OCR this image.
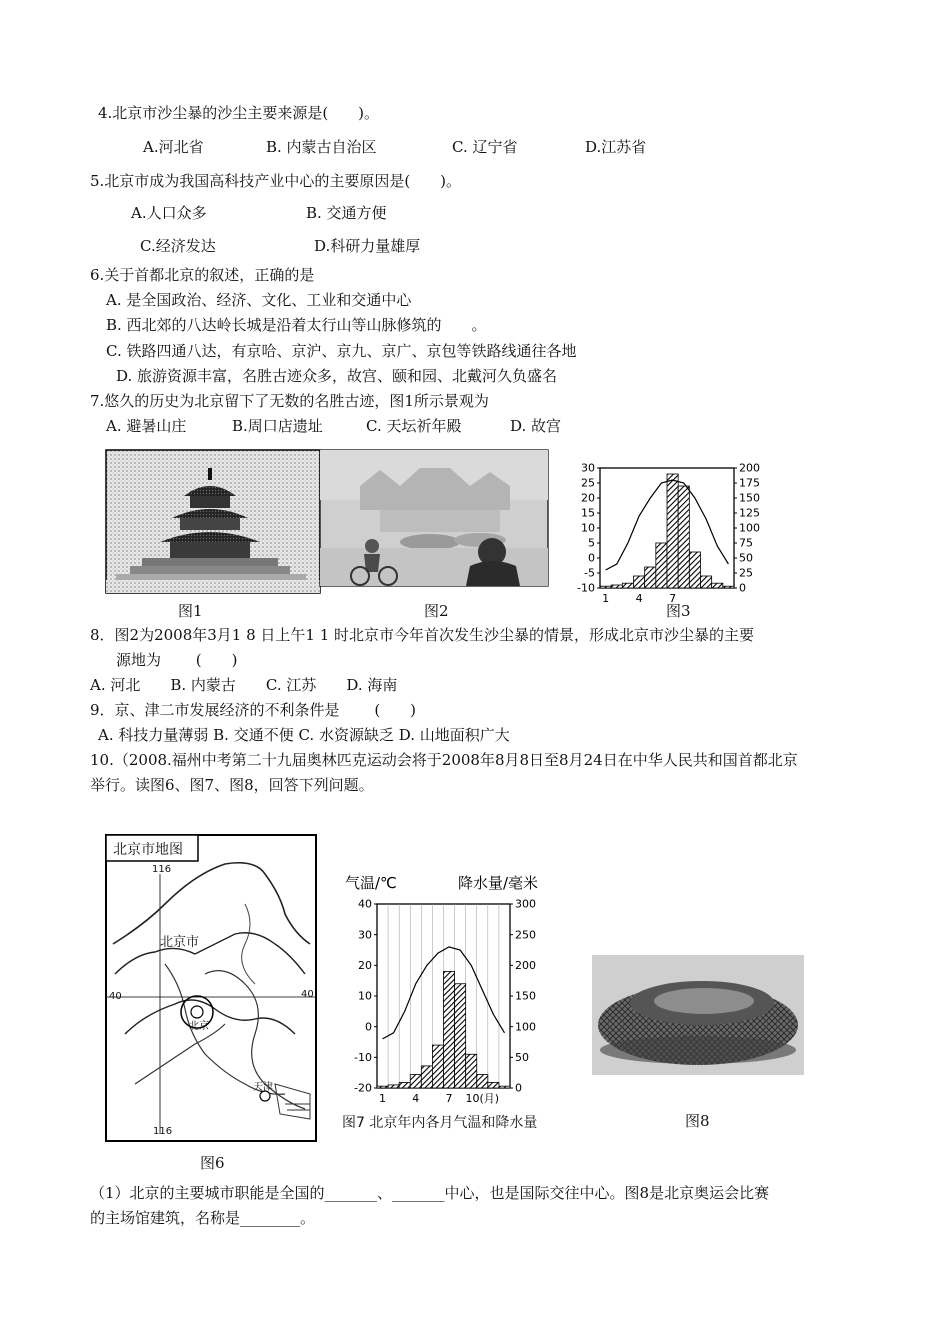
4.北京市沙尘暴的沙尘主要来源是(　　)。
A.河北省	B. 内蒙古自治区	C. 辽宁省	D.江苏省
5.北京市成为我国高科技产业中心的主要原因是(　　)。
A.人口众多	B. 交通方便
C.经济发达	D.科研力量雄厚
6.关于首都北京的叙述，正确的是
A. 是全国政治、经济、文化、工业和交通中心
B. 西北郊的八达岭长城是沿着太行山等山脉修筑的　　。
C. 铁路四通八达，有京哈、京沪、京九、京广、京包等铁路线通往各地
D. 旅游资源丰富，名胜古迹众多，故宫、颐和园、北戴河久负盛名
7.悠久的历史为北京留下了无数的名胜古迹，图1所示景观为
A. 避暑山庄	B.周口店遗址	C. 天坛祈年殿	D. 故宫
30
25
20
15
10
5
0
-5
-10
200
175
150
125
100
75
50
25
0
1 4 7
图1	图2	图3
8．图2为2008年3月1 8 日上午1 1 时北京市今年首次发生沙尘暴的情景，形成北京市沙尘暴的主要
源地为　　 (　　)
A. 河北　　B. 内蒙古　　C. 江苏　　D. 海南
9．京、津二市发展经济的不利条件是　　 (　　)
A. 科技力量薄弱 B. 交通不便 C. 水资源缺乏 D. 山地面积广大
10.（2008.福州中考第二十九届奥林匹克运动会将于2008年8月8日至8月24日在中华人民共和国首都北京
举行。读图6、图7、图8，回答下列问题。
北京市地图
116
北京市
40	40
北京
天津
116
图6
40
30
20
10
0
-10
-20
300
250
200
150
100
50
0
1 4 7 10(月)
气温/℃	降水量/毫米
图7 北京年内各月气温和降水量	图8
（1）北京的主要城市职能是全国的_______、_______中心，也是国际交往中心。图8是北京奥运会比赛
的主场馆建筑，名称是________。
